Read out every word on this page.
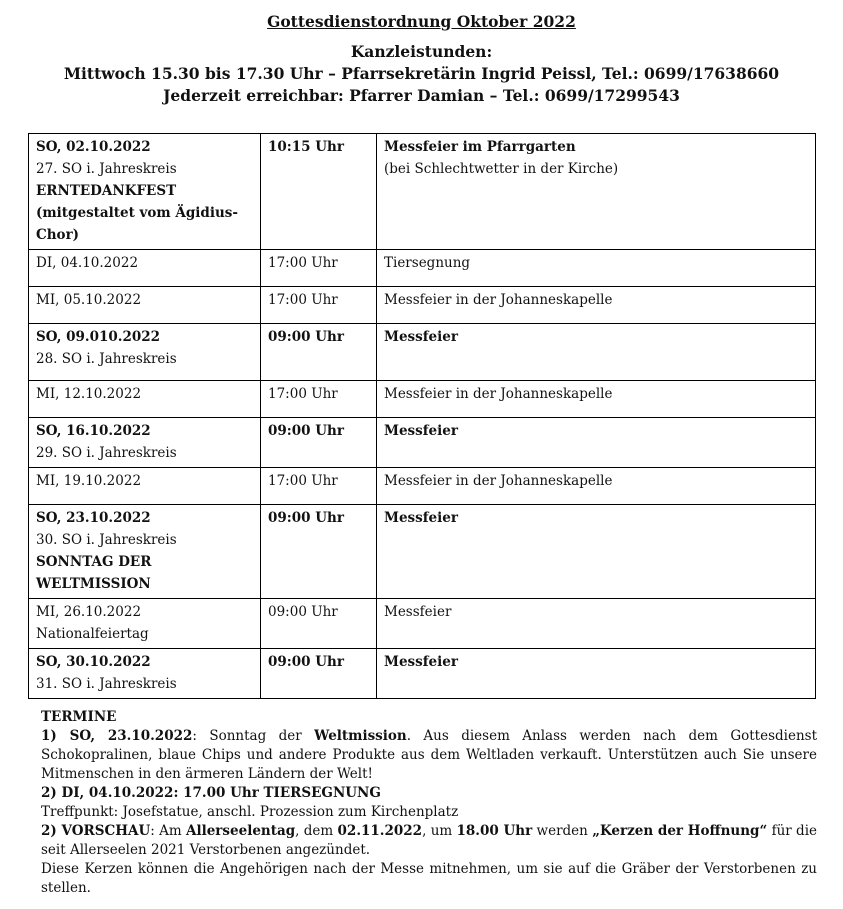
Gottesdienstordnung Oktober 2022
Kanzleistunden:
Mittwoch 15.30 bis 17.30 Uhr – Pfarrsekretärin Ingrid Peissl, Tel.: 0699/17638660
Jederzeit erreichbar: Pfarrer Damian – Tel.: 0699/17299543
SO, 02.10.2022
27. SO i. Jahreskreis
ERNTEDANKFEST (mitgestaltet vom Ägidius-Chor)	10:15 Uhr	Messfeier im Pfarrgarten
(bei Schlechtwetter in der Kirche)

DI, 04.10.2022	17:00 Uhr	Tiersegnung

MI, 05.10.2022	17:00 Uhr	Messfeier in der Johanneskapelle

SO, 09.010.2022
28. SO i. Jahreskreis	09:00 Uhr	Messfeier

MI, 12.10.2022	17:00 Uhr	Messfeier in der Johanneskapelle

SO, 16.10.2022
29. SO i. Jahreskreis	09:00 Uhr	Messfeier

MI, 19.10.2022	17:00 Uhr	Messfeier in der Johanneskapelle

SO, 23.10.2022
30. SO i. Jahreskreis
SONNTAG DER WELTMISSION	09:00 Uhr	Messfeier

MI, 26.10.2022
Nationalfeiertag	09:00 Uhr	Messfeier

SO, 30.10.2022
31. SO i. Jahreskreis	09:00 Uhr	Messfeier

TERMINE

1) SO, 23.10.2022: Sonntag der Weltmission. Aus diesem Anlass werden nach dem Gottesdienst Schokopralinen, blaue Chips und andere Produkte aus dem Weltladen verkauft. Unterstützen auch Sie unsere Mitmenschen in den ärmeren Ländern der Welt!

2) DI, 04.10.2022: 17.00 Uhr TIERSEGNUNG

Treffpunkt: Josefstatue, anschl. Prozession zum Kirchenplatz

2) VORSCHAU: Am Allerseelentag, dem 02.11.2022, um 18.00 Uhr werden „Kerzen der Hoffnung“ für die seit Allerseelen 2021 Verstorbenen angezündet.

Diese Kerzen können die Angehörigen nach der Messe mitnehmen, um sie auf die Gräber der Verstorbenen zu stellen.
